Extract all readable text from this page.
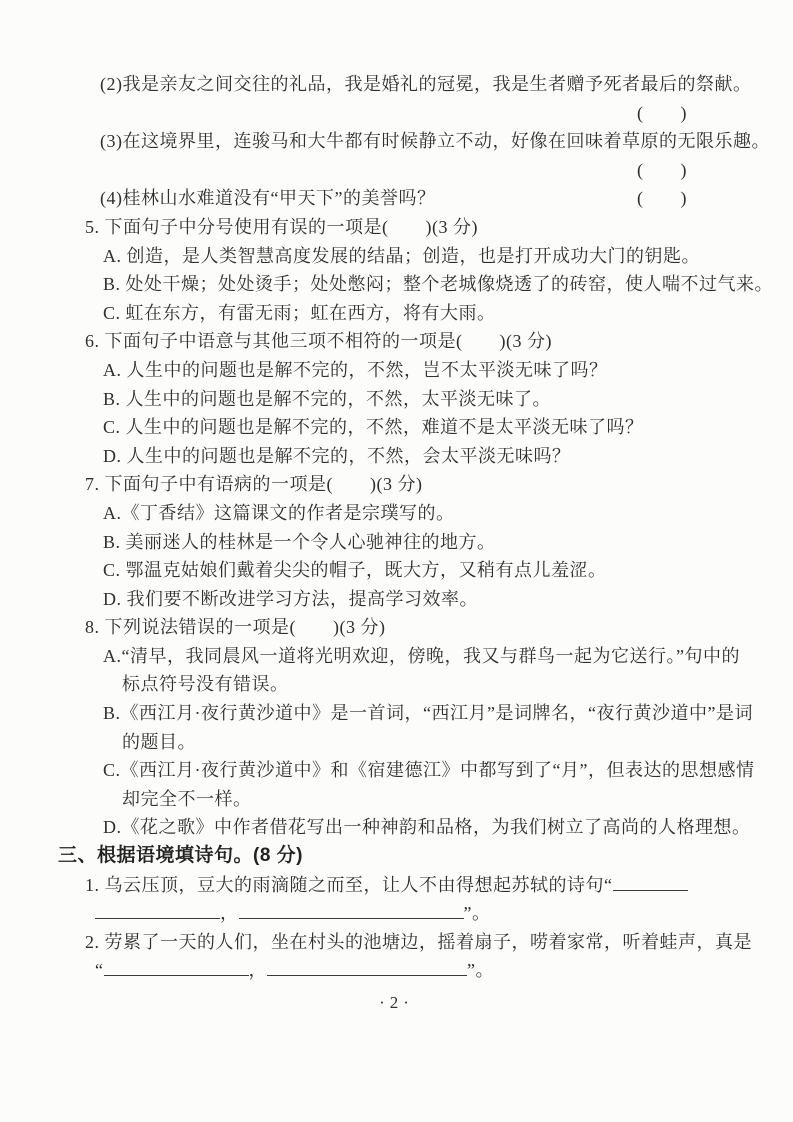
(2)我是亲友之间交往的礼品，我是婚礼的冠冕，我是生者赠予死者最后的祭献。
(　　)
(3)在这境界里，连骏马和大牛都有时候静立不动，好像在回味着草原的无限乐趣。
(　　)
(4)桂林山水难道没有“甲天下”的美誉吗？	(　　)
5. 下面句子中分号使用有误的一项是(　　)(3 分)
A. 创造，是人类智慧高度发展的结晶；创造，也是打开成功大门的钥匙。
B. 处处干燥；处处烫手；处处憋闷；整个老城像烧透了的砖窑，使人喘不过气来。
C. 虹在东方，有雷无雨；虹在西方，将有大雨。
6. 下面句子中语意与其他三项不相符的一项是(　　)(3 分)
A. 人生中的问题也是解不完的，不然，岂不太平淡无味了吗？
B. 人生中的问题也是解不完的，不然，太平淡无味了。
C. 人生中的问题也是解不完的，不然，难道不是太平淡无味了吗？
D. 人生中的问题也是解不完的，不然，会太平淡无味吗？
7. 下面句子中有语病的一项是(　　)(3 分)
A.《丁香结》这篇课文的作者是宗璞写的。
B. 美丽迷人的桂林是一个令人心驰神往的地方。
C. 鄂温克姑娘们戴着尖尖的帽子，既大方，又稍有点儿羞涩。
D. 我们要不断改进学习方法，提高学习效率。
8. 下列说法错误的一项是(　　)(3 分)
A.“清早，我同晨风一道将光明欢迎，傍晚，我又与群鸟一起为它送行。”句中的
标点符号没有错误。
B.《西江月·夜行黄沙道中》是一首词，“西江月”是词牌名，“夜行黄沙道中”是词
的题目。
C.《西江月·夜行黄沙道中》和《宿建德江》中都写到了“月”，但表达的思想感情
却完全不一样。
D.《花之歌》中作者借花写出一种神韵和品格，为我们树立了高尚的人格理想。
三、根据语境填诗句。(8 分)
1. 乌云压顶，豆大的雨滴随之而至，让人不由得想起苏轼的诗句“
，	”。
2. 劳累了一天的人们，坐在村头的池塘边，摇着扇子，唠着家常，听着蛙声，真是
“	，	”。
·2·
